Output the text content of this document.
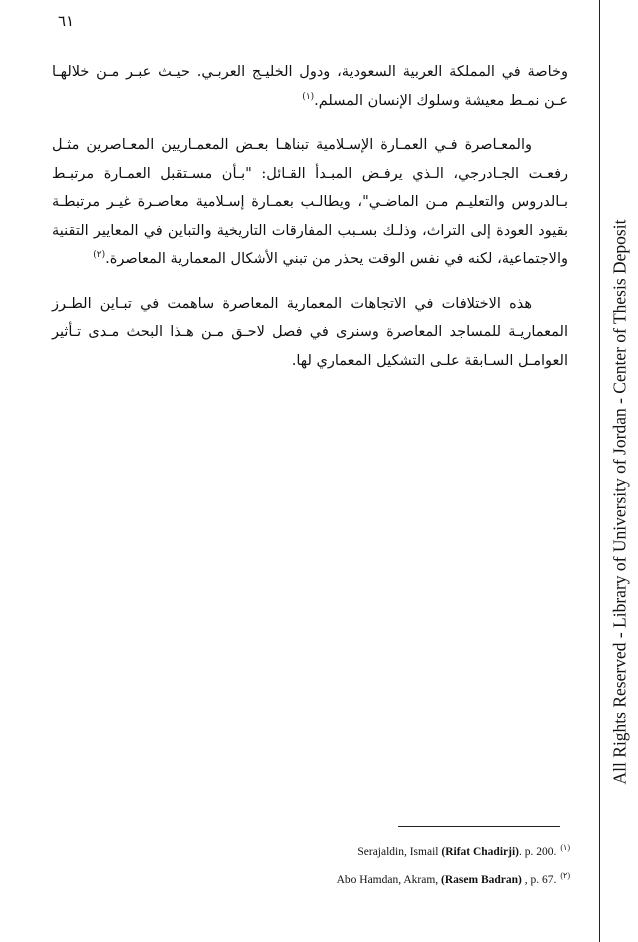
٦١

وخاصة في المملكة العربية السعودية، ودول الخليـج العربـي. حيـث عبـر مـن خلالهـا عـن نمـط معيشة وسلوك الإنسان المسلم.$^{(١)}$

والمعـاصرة فـي العمـارة الإسـلامية تبناهـا بعـض المعمـاريين المعـاصرين مثـل رفعـت الجـادرجي، الـذي يرفـض المبـدأ القـائل: "بـأن مسـتقبل العمـارة مرتبـط بـالدروس والتعليـم مـن الماضـي"، ويطالـب بعمـارة إسـلامية معاصـرة غيـر مرتبطـة بقيود العودة إلى التراث، وذلـك بسـبب المفارقات التاريخية والتباين في المعايير التقنية والاجتماعية، لكنه في نفس الوقت يحذر من تبني الأشكال المعمارية المعاصرة.$^{(٢)}$

هذه الاختلافات في الاتجاهات المعمارية المعاصرة ساهمت في تبـاين الطـرز المعماريـة للمساجد المعاصرة وسنرى في فصل لاحـق مـن هـذا البحث مـدى تـأثير العوامـل السـابقة علـى التشكيل المعماري لها.

Serajaldin, Ismail (Rifat Chadirji). p. 200. $^{(١)}$
Abo Hamdan, Akram, (Rasem Badran) , p. 67. $^{(٢)}$
All Rights Reserved - Library of University of Jordan - Center of Thesis Deposit
